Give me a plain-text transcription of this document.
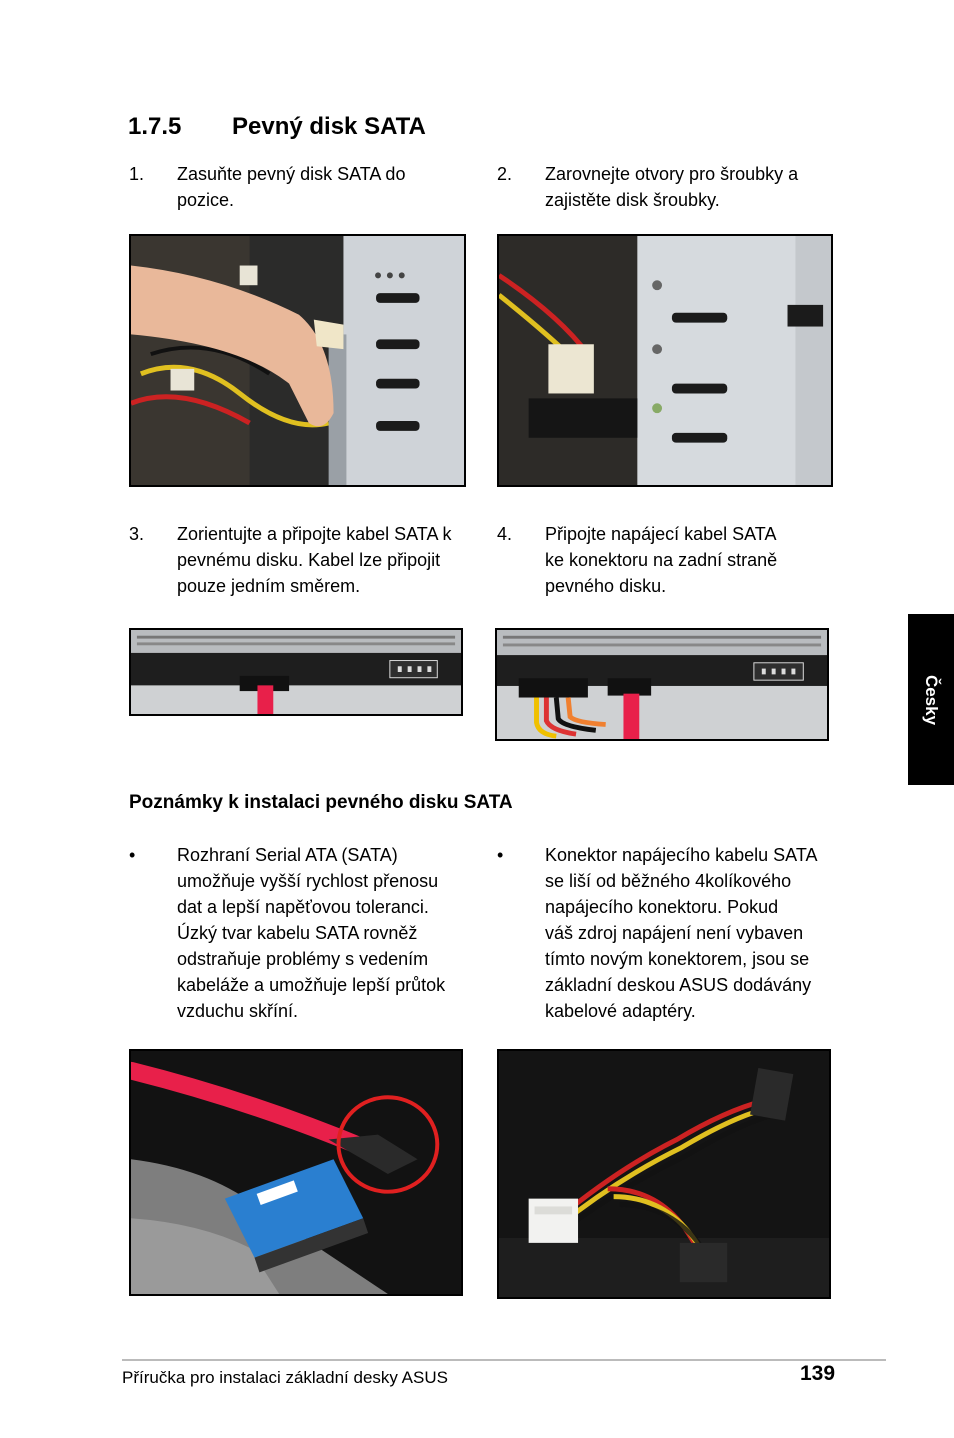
1.7.5 Pevný disk SATA
1. Zasuňte pevný disk SATA do
pozice.
2. Zarovnejte otvory pro šroubky a
zajistěte disk šroubky.
3. Zorientujte a připojte kabel SATA k
pevnému disku. Kabel lze připojit
pouze jedním směrem.
4. Připojte napájecí kabel SATA
ke konektoru na zadní straně
pevného disku.
Česky
Poznámky k instalaci pevného disku SATA
• Rozhraní Serial ATA (SATA)
umožňuje vyšší rychlost přenosu
dat a lepší napěťovou toleranci.
Úzký tvar kabelu SATA rovněž
odstraňuje problémy s vedením
kabeláže a umožňuje lepší průtok
vzduchu skříní.
• Konektor napájecího kabelu SATA
se liší od běžného 4kolíkového
napájecího konektoru. Pokud
váš zdroj napájení není vybaven
tímto novým konektorem, jsou se
základní deskou ASUS dodávány
kabelové adaptéry.
Příručka pro instalaci základní desky ASUS	139
